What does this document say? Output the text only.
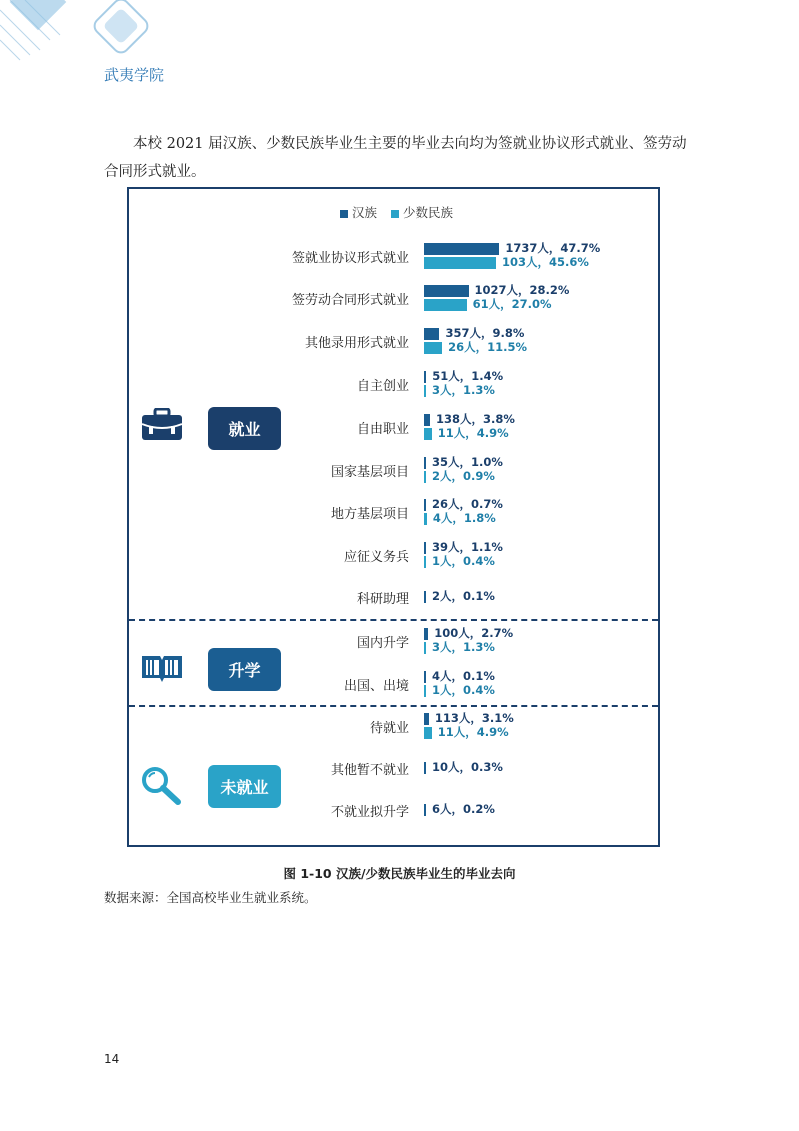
武夷学院
本校 2021 届汉族、少数民族毕业生主要的毕业去向均为签就业协议形式就业、签劳动合同形式就业。
汉族	少数民族
就业
升学
未就业
签就业协议形式就业
1737人，47.7%
103人，45.6%
签劳动合同形式就业
1027人，28.2%
61人，27.0%
其他录用形式就业
357人，9.8%
26人，11.5%
自主创业
51人，1.4%
3人，1.3%
自由职业
138人，3.8%
11人，4.9%
国家基层项目
35人，1.0%
2人，0.9%
地方基层项目
26人，0.7%
4人，1.8%
应征义务兵
39人，1.1%
1人，0.4%
科研助理 2人，0.1%
国内升学
100人，2.7%
3人，1.3%
出国、出境
4人，0.1%
1人，0.4%
待就业
113人，3.1%
11人，4.9%
其他暂不就业 10人，0.3%
不就业拟升学 6人，0.2%
图 1-10 汉族/少数民族毕业生的毕业去向
数据来源：全国高校毕业生就业系统。
14
